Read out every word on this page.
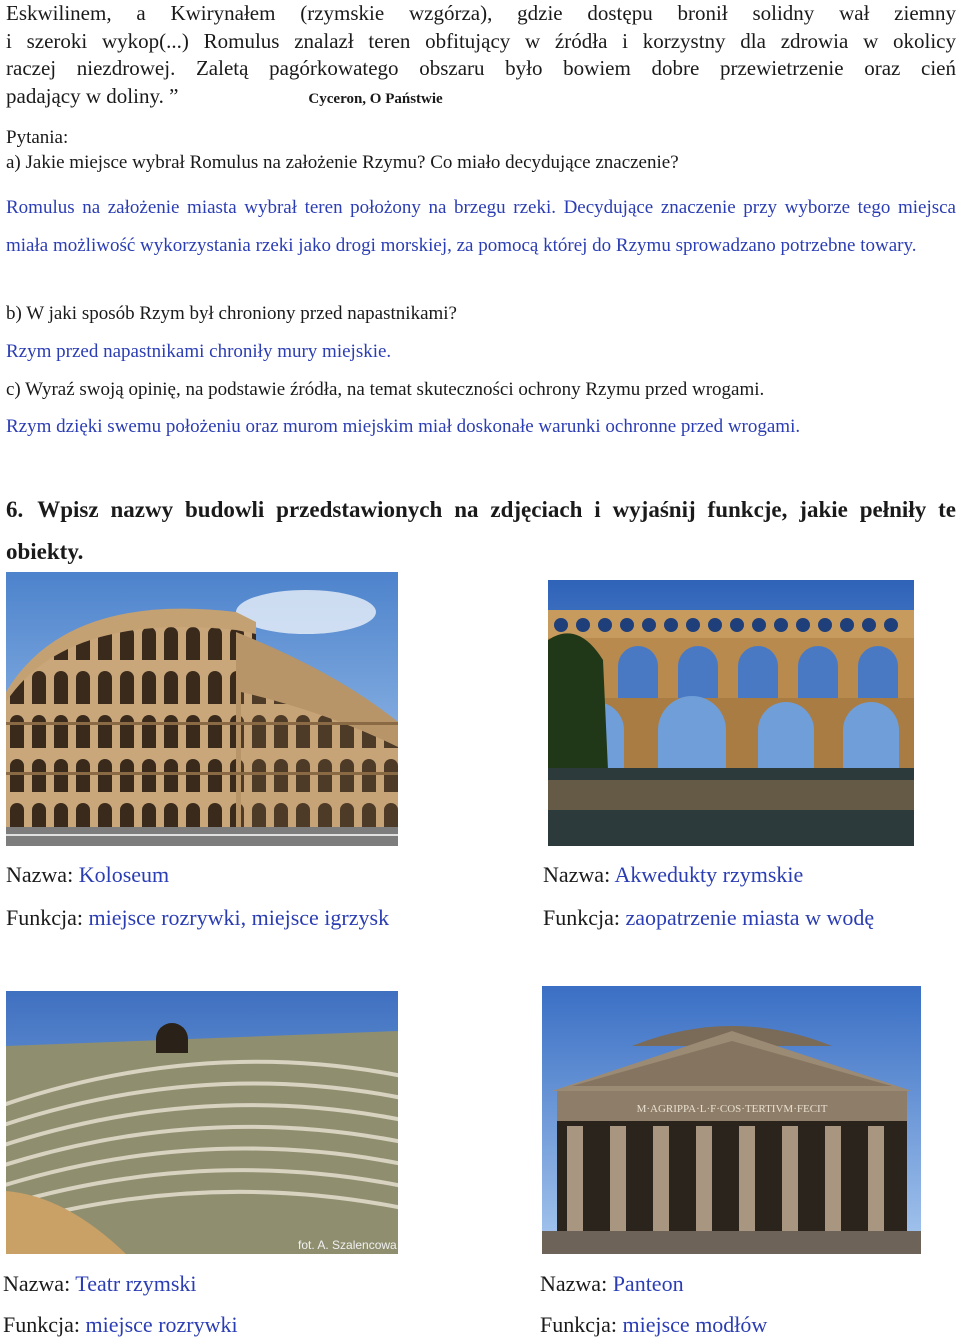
Eskwilinem, a Kwirynałem (rzymskie wzgórza), gdzie dostępu bronił solidny wał ziemny
i szeroki wykop(...) Romulus znalazł teren obfitujący w źródła i korzystny dla zdrowia w okolicy
raczej niezdrowej. Zaletą pagórkowatego obszaru było bowiem dobre przewietrzenie oraz cień
padający w doliny. ”	Cyceron, O Państwie

Pytania:
a) Jakie miejsce wybrał Romulus na założenie Rzymu? Co miało decydujące znaczenie?

Romulus na założenie miasta wybrał teren położony na brzegu rzeki. Decydujące znaczenie przy wyborze tego miejsca miała możliwość wykorzystania rzeki jako drogi morskiej, za pomocą której do Rzymu sprowadzano potrzebne towary.

b) W jaki sposób Rzym był chroniony przed napastnikami?
Rzym przed napastnikami chroniły mury miejskie.
c) Wyraź swoją opinię, na podstawie źródła, na temat skuteczności ochrony Rzymu przed wrogami.
Rzym dzięki swemu położeniu oraz murom miejskim miał doskonałe warunki ochronne przed wrogami.

6. Wpisz nazwy budowli przedstawionych na zdjęciach i wyjaśnij funkcje, jakie pełniły te obiekty.

Nazwa: Koloseum
Funkcja: miejsce rozrywki, miejsce igrzysk
Nazwa: Akwedukty rzymskie
Funkcja: zaopatrzenie miasta w wodę
fot. A. Szalencowa
M·AGRIPPA·L·F·COS·TERTIVM·FECIT
Nazwa: Teatr rzymski
Funkcja: miejsce rozrywki
Nazwa: Panteon
Funkcja: miejsce modłów
